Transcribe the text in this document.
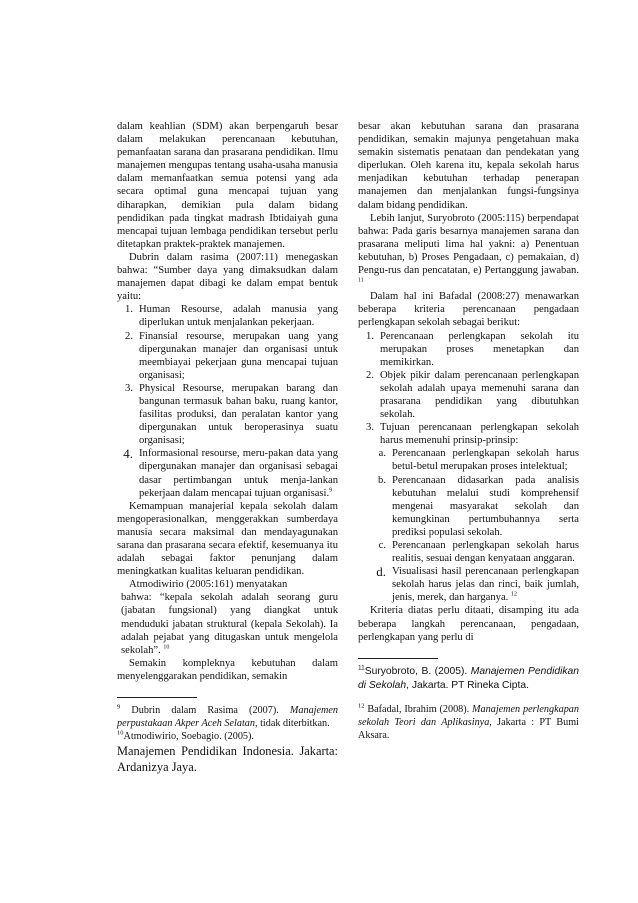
dalam keahlian (SDM) akan berpengaruh besar dalam melakukan perencanaan kebutuhan, pemanfaatan sarana dan prasarana pendidikan. Ilmu manajemen mengupas tentang usaha-usaha manusia dalam memanfaatkan semua potensi yang ada secara optimal guna mencapai tujuan yang diharapkan, demikian pula dalam bidang pendidikan pada tingkat madrash Ibtidaiyah guna mencapai tujuan lembaga pendidikan tersebut perlu ditetapkan praktek-praktek manajemen.

Dubrin dalam rasima (2007:11) menegaskan bahwa: “Sumber daya yang dimaksudkan dalam manajemen dapat dibagi ke dalam empat bentuk yaitu:

1. Human Resourse, adalah manusia yang diperlukan untuk menjalankan pekerjaan.
2. Finansial resourse, merupakan uang yang dipergunakan manajer dan organisasi untuk meembiayai pekerjaan guna mencapai tujuan organisasi;
3. Physical Resourse, merupakan barang dan bangunan termasuk bahan baku, ruang kantor, fasilitas produksi, dan peralatan kantor yang dipergunakan untuk beroperasinya suatu organisasi;
4. Informasional resourse, meru-pakan data yang dipergunakan manajer dan organisasi sebagai dasar pertimbangan untuk menja-lankan pekerjaan dalam mencapai tujuan organisasi.$^9$

Kemampuan manajerial kepala sekolah dalam mengoperasionalkan, menggerakkan sumberdaya manusia secara maksimal dan mendayagunakan sarana dan prasarana secara efektif, kesemuanya itu adalah sebagai faktor penunjang dalam meningkatkan kualitas keluaran pendidikan.

Atmodiwirio (2005:161) menyatakan

bahwa: “kepala sekolah adalah seorang guru (jabatan fungsional) yang diangkat untuk menduduki jabatan struktural (kepala Sekolah). Ia adalah pejabat yang ditugaskan untuk mengelola sekolah”. $^{10}$

Semakin kompleknya kebutuhan dalam menyelenggarakan pendidikan, semakin

$^9$ Dubrin dalam Rasima (2007). Manajemen perpustakaan Akper Aceh Selatan, tidak diterbitkan.

$^{10}$Atmodiwirio, Soebagio. (2005).

Manajemen Pendidikan Indonesia. Jakarta: Ardanizya Jaya.

besar akan kebutuhan sarana dan prasarana pendidikan, semakin majunya pengetahuan maka semakin sistematis penataan dan pendekatan yang diperlukan. Oleh karena itu, kepala sekolah harus menjadikan kebutuhan terhadap penerapan manajemen dan menjalankan fungsi-fungsinya dalam bidang pendidikan.

Lebih lanjut, Suryobroto (2005:115) berpendapat bahwa: Pada garis besarnya manajemen sarana dan prasarana meliputi lima hal yakni: a) Penentuan kebutuhan, b) Proses Pengadaan, c) pemakaian, d) Pengu-rus dan pencatatan, e) Pertanggung jawaban. $^{11}$

Dalam hal ini Bafadal (2008:27) menawarkan beberapa kriteria perencanaan pengadaan perlengkapan sekolah sebagai berikut:

1. Perencanaan perlengkapan sekolah itu merupakan proses menetapkan dan memikirkan.
2. Objek pikir dalam perencanaan perlengkapan sekolah adalah upaya memenuhi sarana dan prasarana pendidikan yang dibutuhkan sekolah.
3. Tujuan perencanaan perlengkapan sekolah harus memenuhi prinsip-prinsip:
a. Perencanaan perlengkapan sekolah harus betul-betul merupakan proses intelektual;
b. Perencanaan didasarkan pada analisis kebutuhan melalui studi komprehensif mengenai masyarakat sekolah dan kemungkinan pertumbuhannya serta prediksi populasi sekolah.
c. Perencanaan perlengkapan sekolah harus realitis, sesuai dengan kenyataan anggaran.
d. Visualisasi hasil perencanaan perlengkapan sekolah harus jelas dan rinci, baik jumlah, jenis, merek, dan harganya. $^{12}$

Kriteria diatas perlu ditaati, disamping itu ada beberapa langkah perencanaan, pengadaan, perlengkapan yang perlu di

$^{11}$Suryobroto, B. (2005). Manajemen Pendidikan di Sekolah, Jakarta. PT Rineka Cipta.

$^{12}$ Bafadal, Ibrahim (2008). Manajemen perlengkapan sekolah Teori dan Aplikasinya, Jakarta : PT Bumi Aksara.
